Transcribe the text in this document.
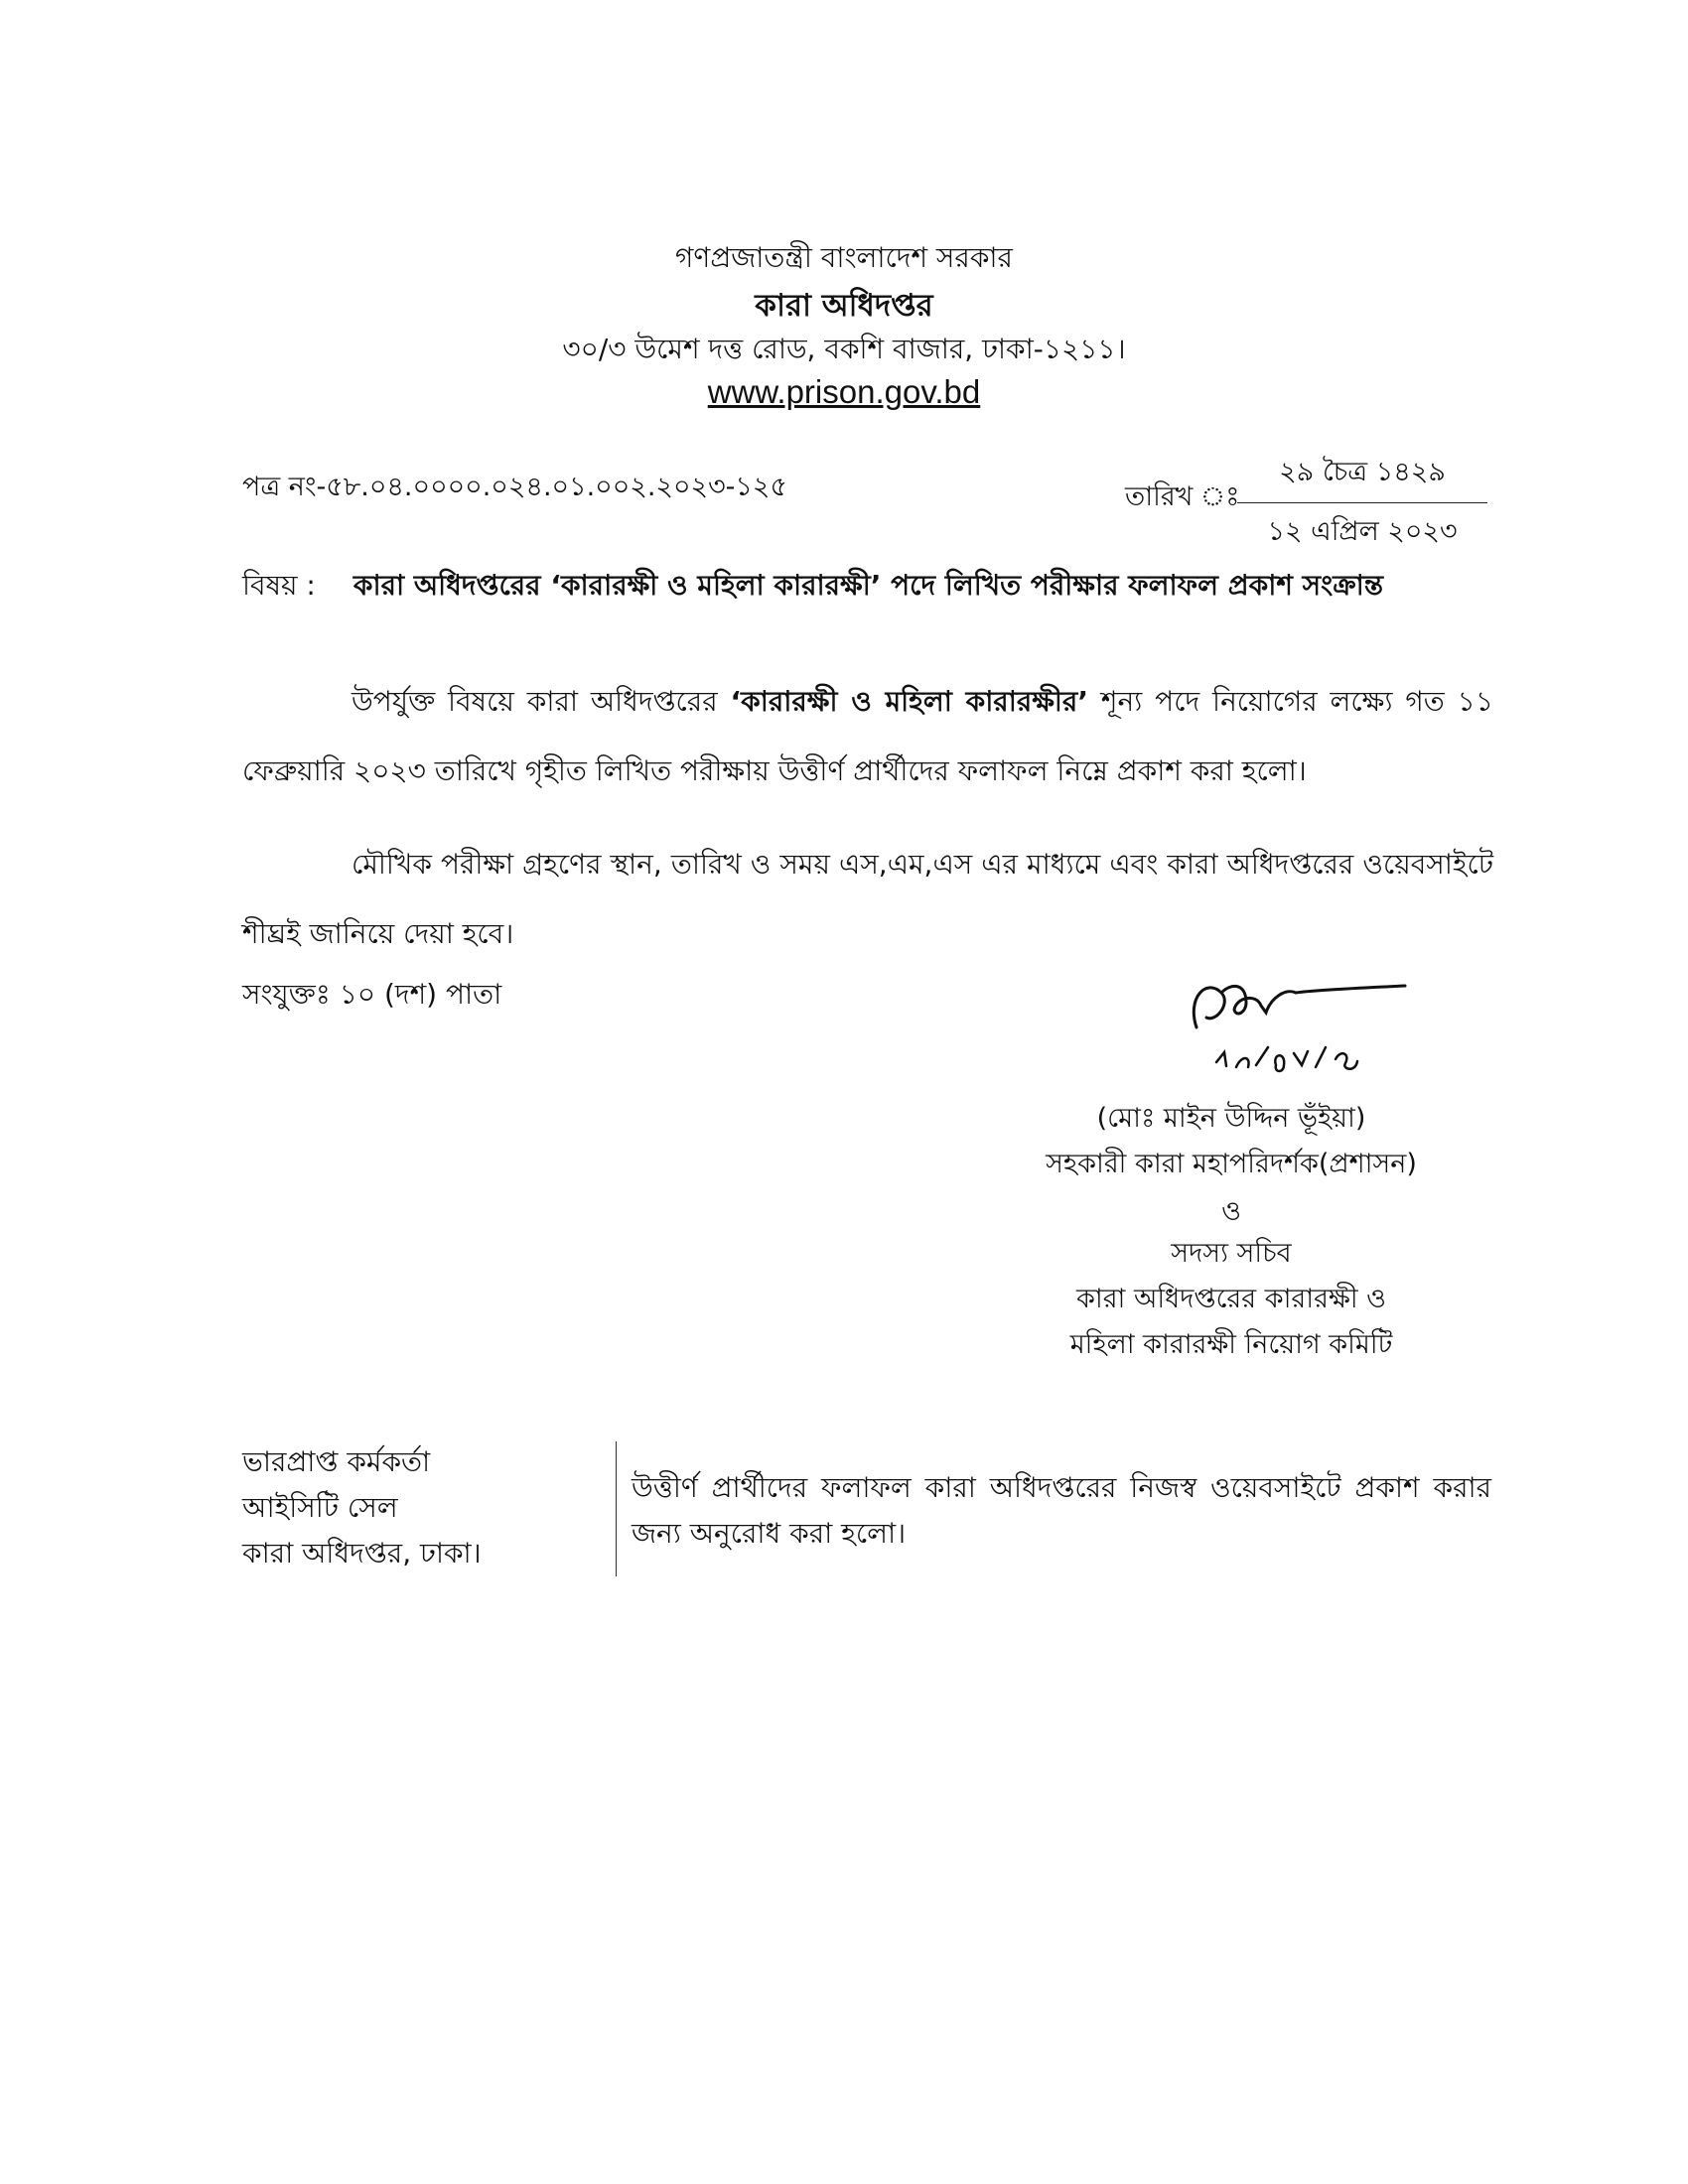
গণপ্রজাতন্ত্রী বাংলাদেশ সরকার
কারা অধিদপ্তর
৩০/৩ উমেশ দত্ত রোড, বকশি বাজার, ঢাকা-১২১১।
www.prison.gov.bd
পত্র নং-৫৮.০৪.০০০০.০২৪.০১.০০২.২০২৩-১২৫	তারিখ ঃ
২৯ চৈত্র ১৪২৯
১২ এপ্রিল ২০২৩
বিষয় : কারা অধিদপ্তরের ‘কারারক্ষী ও মহিলা কারারক্ষী’ পদে লিখিত পরীক্ষার ফলাফল প্রকাশ সংক্রান্ত
উপর্যুক্ত বিষয়ে কারা অধিদপ্তরের ‘কারারক্ষী ও মহিলা কারারক্ষীর’ শূন্য পদে নিয়োগের লক্ষ্যে গত ১১ ফেব্রুয়ারি ২০২৩ তারিখে গৃহীত লিখিত পরীক্ষায় উত্তীর্ণ প্রার্থীদের ফলাফল নিম্নে প্রকাশ করা হলো।
মৌখিক পরীক্ষা গ্রহণের স্থান, তারিখ ও সময় এস,এম,এস এর মাধ্যমে এবং কারা অধিদপ্তরের ওয়েবসাইটে শীঘ্রই জানিয়ে দেয়া হবে।
সংযুক্তঃ ১০ (দশ) পাতা
(মোঃ মাইন উদ্দিন ভূঁইয়া)
সহকারী কারা মহাপরিদর্শক(প্রশাসন)
ও
সদস্য সচিব
কারা অধিদপ্তরের কারারক্ষী ও
মহিলা কারারক্ষী নিয়োগ কমিটি
ভারপ্রাপ্ত কর্মকর্তা
আইসিটি সেল
কারা অধিদপ্তর, ঢাকা।
উত্তীর্ণ প্রার্থীদের ফলাফল কারা অধিদপ্তরের নিজস্ব ওয়েবসাইটে প্রকাশ করার জন্য অনুরোধ করা হলো।
